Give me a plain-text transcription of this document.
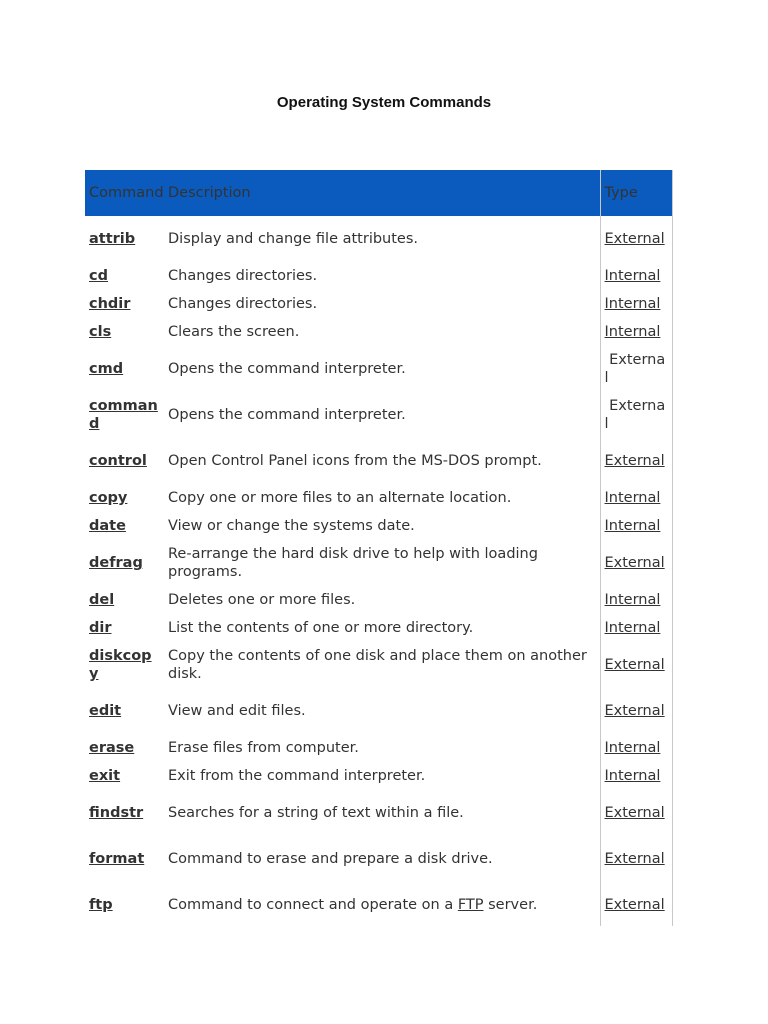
Operating System Commands
Command	Description	Type
attrib	Display and change file attributes.	External
cd	Changes directories.	Internal
chdir	Changes directories.	Internal
cls	Clears the screen.	Internal
cmd	Opens the command interpreter.	External
command	Opens the command interpreter.	External
control	Open Control Panel icons from the MS-DOS prompt.	External
copy	Copy one or more files to an alternate location.	Internal
date	View or change the systems date.	Internal
defrag	Re-arrange the hard disk drive to help with loading programs.	External
del	Deletes one or more files.	Internal
dir	List the contents of one or more directory.	Internal
diskcopy	Copy the contents of one disk and place them on another disk.	External
edit	View and edit files.	External
erase	Erase files from computer.	Internal
exit	Exit from the command interpreter.	Internal
findstr	Searches for a string of text within a file.	External
format	Command to erase and prepare a disk drive.	External
ftp	Command to connect and operate on a FTP server.	External
